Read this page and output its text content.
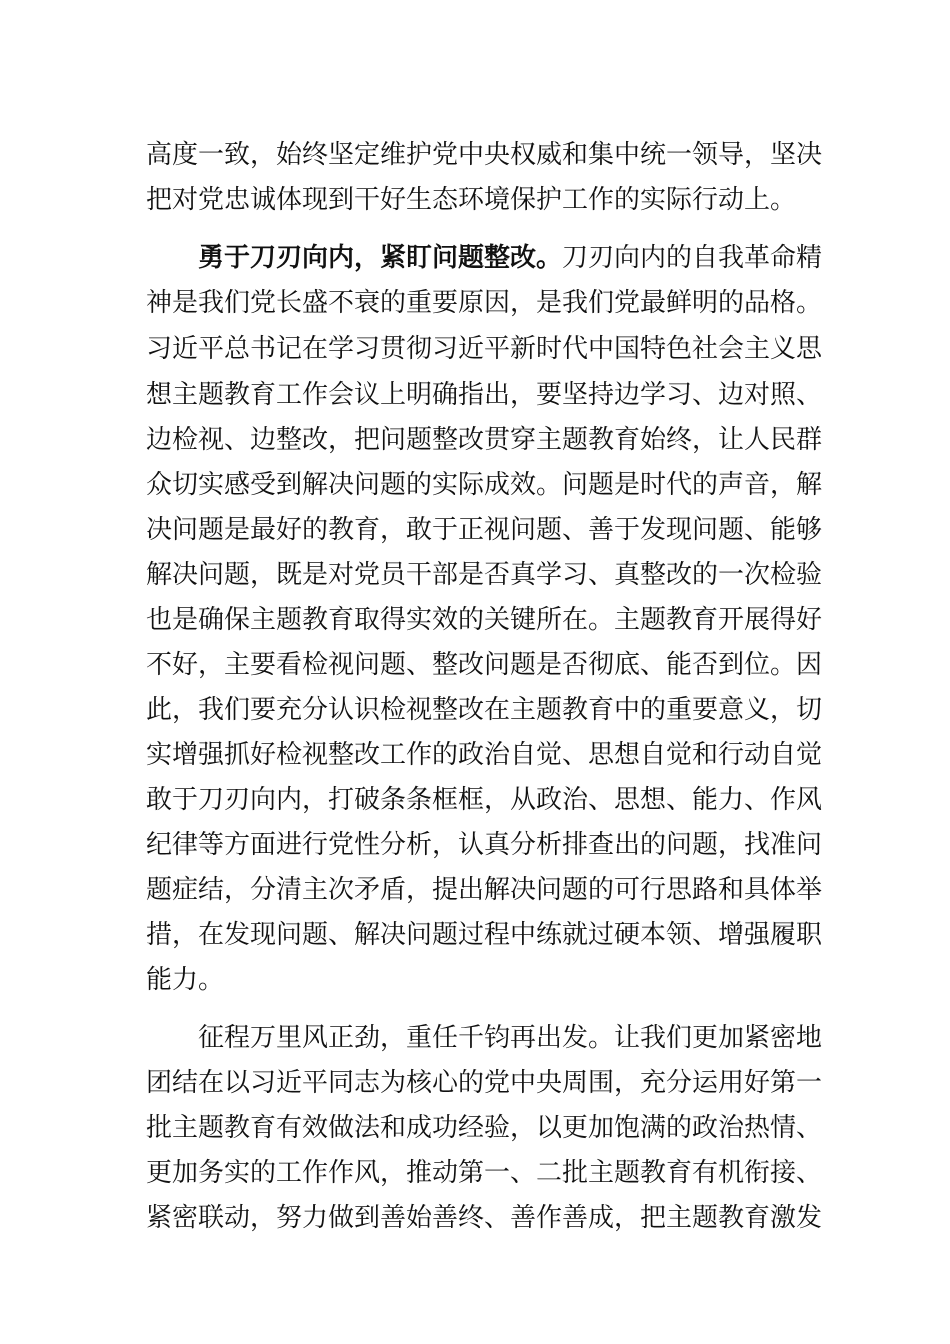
高度一致，始终坚定维护党中央权威和集中统一领导，坚决
把对党忠诚体现到干好生态环境保护工作的实际行动上。
勇于刀刃向内，紧盯问题整改。刀刃向内的自我革命精
神是我们党长盛不衰的重要原因，是我们党最鲜明的品格。
习近平总书记在学习贯彻习近平新时代中国特色社会主义思
想主题教育工作会议上明确指出，要坚持边学习、边对照、
边检视、边整改，把问题整改贯穿主题教育始终，让人民群
众切实感受到解决问题的实际成效。问题是时代的声音，解
决问题是最好的教育，敢于正视问题、善于发现问题、能够
解决问题，既是对党员干部是否真学习、真整改的一次检验
也是确保主题教育取得实效的关键所在。主题教育开展得好
不好，主要看检视问题、整改问题是否彻底、能否到位。因
此，我们要充分认识检视整改在主题教育中的重要意义，切
实增强抓好检视整改工作的政治自觉、思想自觉和行动自觉
敢于刀刃向内，打破条条框框，从政治、思想、能力、作风
纪律等方面进行党性分析，认真分析排查出的问题，找准问
题症结，分清主次矛盾，提出解决问题的可行思路和具体举
措，在发现问题、解决问题过程中练就过硬本领、增强履职
能力。
征程万里风正劲，重任千钧再出发。让我们更加紧密地
团结在以习近平同志为核心的党中央周围，充分运用好第一
批主题教育有效做法和成功经验，以更加饱满的政治热情、
更加务实的工作作风，推动第一、二批主题教育有机衔接、
紧密联动，努力做到善始善终、善作善成，把主题教育激发
